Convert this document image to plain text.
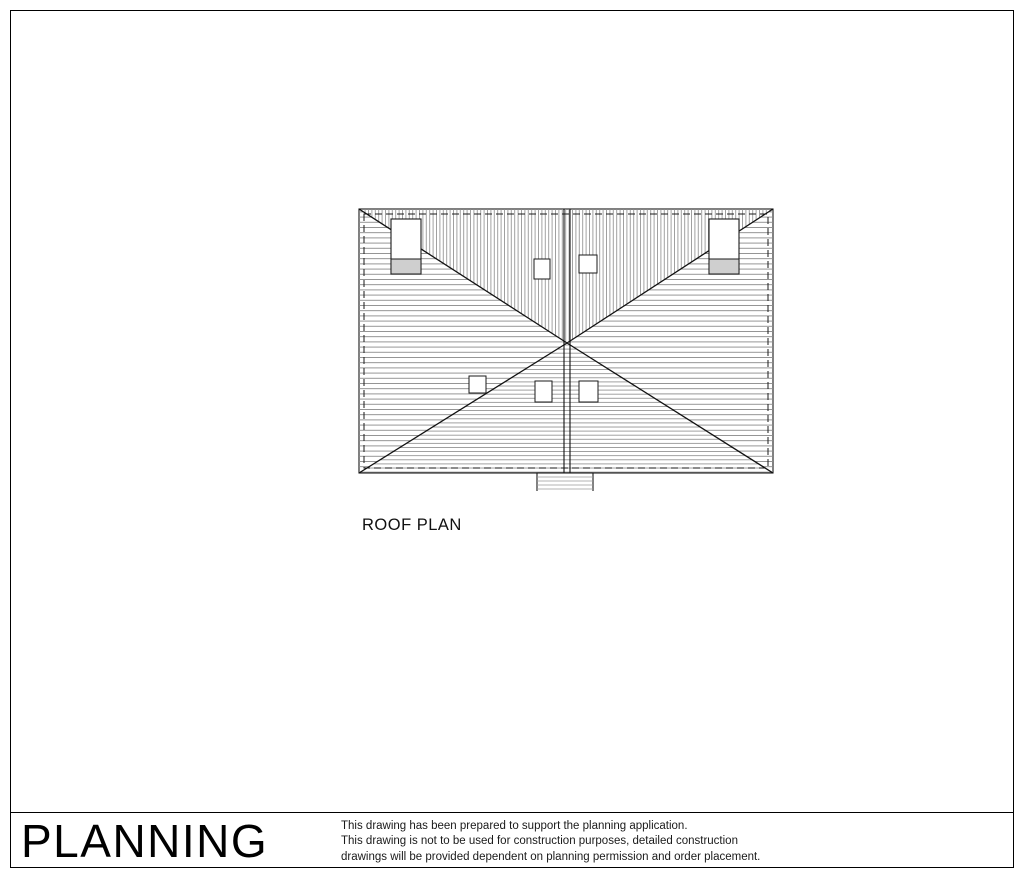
ROOF PLAN
PLANNING	This drawing has been prepared to support the planning application.
This drawing is not to be used for construction purposes, detailed construction
drawings will be provided dependent on planning permission and order placement.
